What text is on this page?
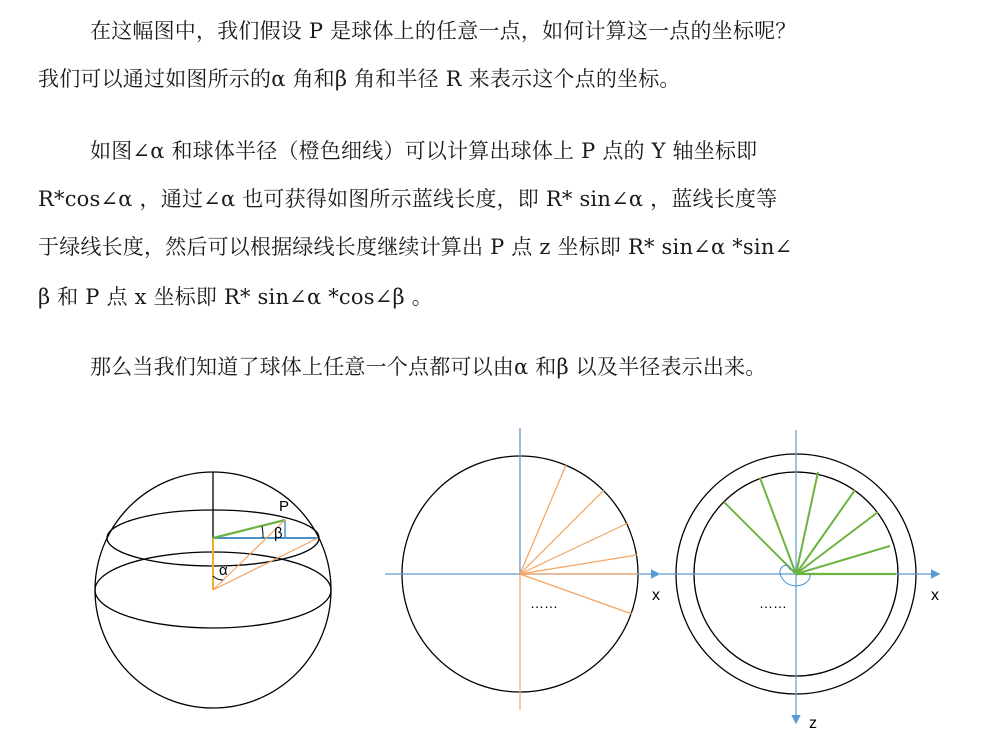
在这幅图中，我们假设 P 是球体上的任意一点，如何计算这一点的坐标呢？
我们可以通过如图所示的α 角和β 角和半径 R 来表示这个点的坐标。
如图∠α 和球体半径（橙色细线）可以计算出球体上 P 点的 Y 轴坐标即
R*cos∠α ，通过∠α 也可获得如图所示蓝线长度，即 R* sin∠α ，蓝线长度等
于绿线长度，然后可以根据绿线长度继续计算出 P 点 z 坐标即 R* sin∠α *sin∠
β 和 P 点 x 坐标即 R* sin∠α *cos∠β 。
那么当我们知道了球体上任意一个点都可以由α 和β 以及半径表示出来。
P
β
α
x
……	x
z
……
